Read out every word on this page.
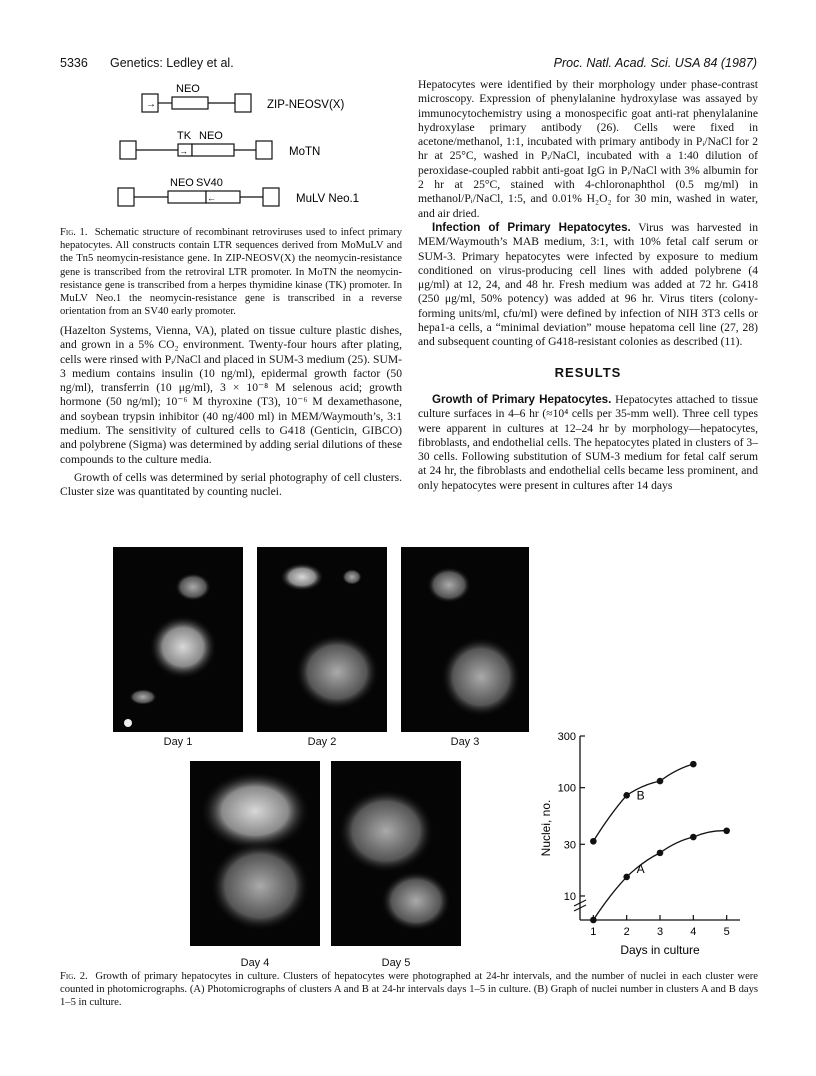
5336 Genetics: Ledley et al.	Proc. Natl. Acad. Sci. USA 84 (1987)
→
NEO
ZIP-NEOSV(X)
→
TK NEO
MoTN
←
NEO SV40
MuLV Neo.1
Fig. 1. Schematic structure of recombinant retroviruses used to infect primary hepatocytes. All constructs contain LTR sequences derived from MoMuLV and the Tn5 neomycin-resistance gene. In ZIP-NEOSV(X) the neomycin-resistance gene is transcribed from the retroviral LTR promoter. In MoTN the neomycin-resistance gene is transcribed from a herpes thymidine kinase (TK) promoter. In MuLV Neo.1 the neomycin-resistance gene is transcribed in a reverse orientation from an SV40 early promoter.

(Hazelton Systems, Vienna, VA), plated on tissue culture plastic dishes, and grown in a 5% CO₂ environment. Twenty-four hours after plating, cells were rinsed with Pᵢ/NaCl and placed in SUM-3 medium (25). SUM-3 medium contains insulin (10 ng/ml), epidermal growth factor (50 ng/ml), transferrin (10 μg/ml), 3 × 10⁻⁸ M selenous acid; growth hormone (50 ng/ml); 10⁻⁶ M thyroxine (T3), 10⁻⁶ M dexamethasone, and soybean trypsin inhibitor (40 ng/400 ml) in MEM/Waymouth’s, 3:1 medium. The sensitivity of cultured cells to G418 (Genticin, GIBCO) and polybrene (Sigma) was determined by adding serial dilutions of these compounds to the culture media.

Growth of cells was determined by serial photography of cell clusters. Cluster size was quantitated by counting nuclei.

Hepatocytes were identified by their morphology under phase-contrast microscopy. Expression of phenylalanine hydroxylase was assayed by immunocytochemistry using a monospecific goat anti-rat phenylalanine hydroxylase primary antibody (26). Cells were fixed in acetone/methanol, 1:1, incubated with primary antibody in Pᵢ/NaCl for 2 hr at 25°C, washed in Pᵢ/NaCl, incubated with a 1:40 dilution of peroxidase-coupled rabbit anti-goat IgG in Pᵢ/NaCl with 3% albumin for 2 hr at 25°C, stained with 4-chloronaphthol (0.5 mg/ml) in methanol/Pᵢ/NaCl, 1:5, and 0.01% H₂O₂ for 30 min, washed in water, and air dried.

Infection of Primary Hepatocytes. Virus was harvested in MEM/Waymouth’s MAB medium, 3:1, with 10% fetal calf serum or SUM-3. Primary hepatocytes were infected by exposure to medium conditioned on virus-producing cell lines with added polybrene (4 μg/ml) at 12, 24, and 48 hr. Fresh medium was added at 72 hr. G418 (250 μg/ml, 50% potency) was added at 96 hr. Virus titers (colony-forming units/ml, cfu/ml) were defined by infection of NIH 3T3 cells or hepa1-a cells, a “minimal deviation” mouse hepatoma cell line (27, 28) and subsequent counting of G418-resistant colonies as described (11).

RESULTS

Growth of Primary Hepatocytes. Hepatocytes attached to tissue culture surfaces in 4–6 hr (≈10⁴ cells per 35-mm well). Three cell types were apparent in cultures at 12–24 hr by morphology—hepatocytes, fibroblasts, and endothelial cells. The hepatocytes plated in clusters of 3–30 cells. Following substitution of SUM-3 medium for fetal calf serum at 24 hr, the fibroblasts and endothelial cells became less prominent, and only hepatocytes were present in cultures after 14 days

Day 1	Day 2	Day 3
Day 4	Day 5
10
30
100
300
1 2 3 4 5
Days in culture
Nuclei, no.
A
B
Fig. 2. Growth of primary hepatocytes in culture. Clusters of hepatocytes were photographed at 24-hr intervals, and the number of nuclei in each cluster were counted in photomicrographs. (A) Photomicrographs of clusters A and B at 24-hr intervals days 1–5 in culture. (B) Graph of nuclei number in clusters A and B days 1–5 in culture.
